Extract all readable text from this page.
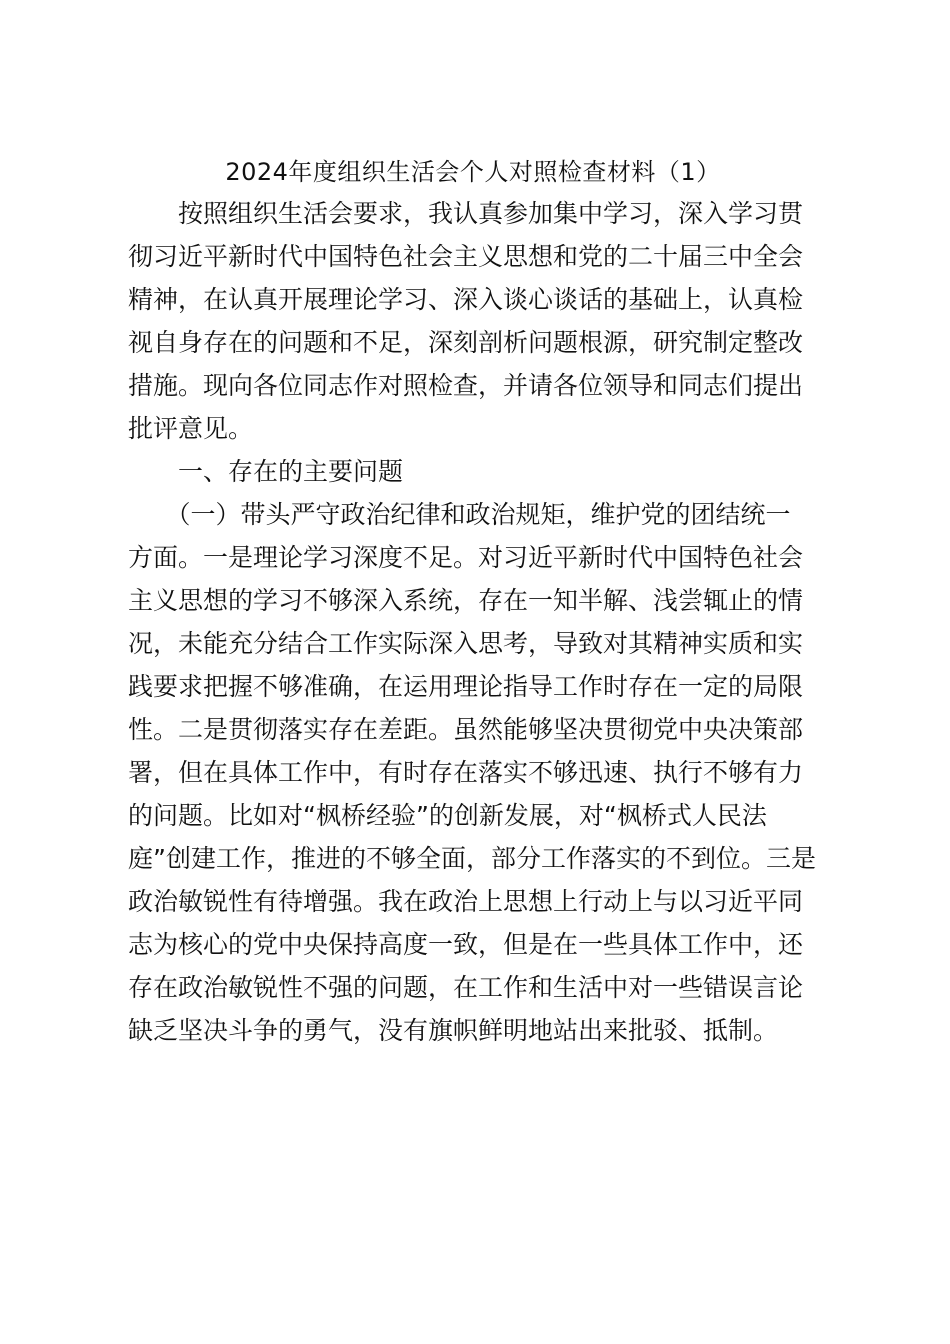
2024年度组织生活会个人对照检查材料（1）
　　按照组织生活会要求，我认真参加集中学习，深入学习贯
彻习近平新时代中国特色社会主义思想和党的二十届三中全会
精神，在认真开展理论学习、深入谈心谈话的基础上，认真检
视自身存在的问题和不足，深刻剖析问题根源，研究制定整改
措施。现向各位同志作对照检查，并请各位领导和同志们提出
批评意见。
　　一、存在的主要问题
　　（一）带头严守政治纪律和政治规矩，维护党的团结统一
方面。一是理论学习深度不足。对习近平新时代中国特色社会
主义思想的学习不够深入系统，存在一知半解、浅尝辄止的情
况，未能充分结合工作实际深入思考，导致对其精神实质和实
践要求把握不够准确，在运用理论指导工作时存在一定的局限
性。二是贯彻落实存在差距。虽然能够坚决贯彻党中央决策部
署，但在具体工作中，有时存在落实不够迅速、执行不够有力
的问题。比如对“枫桥经验”的创新发展，对“枫桥式人民法
庭”创建工作，推进的不够全面，部分工作落实的不到位。三是
政治敏锐性有待增强。我在政治上思想上行动上与以习近平同
志为核心的党中央保持高度一致，但是在一些具体工作中，还
存在政治敏锐性不强的问题，在工作和生活中对一些错误言论
缺乏坚决斗争的勇气，没有旗帜鲜明地站出来批驳、抵制。
